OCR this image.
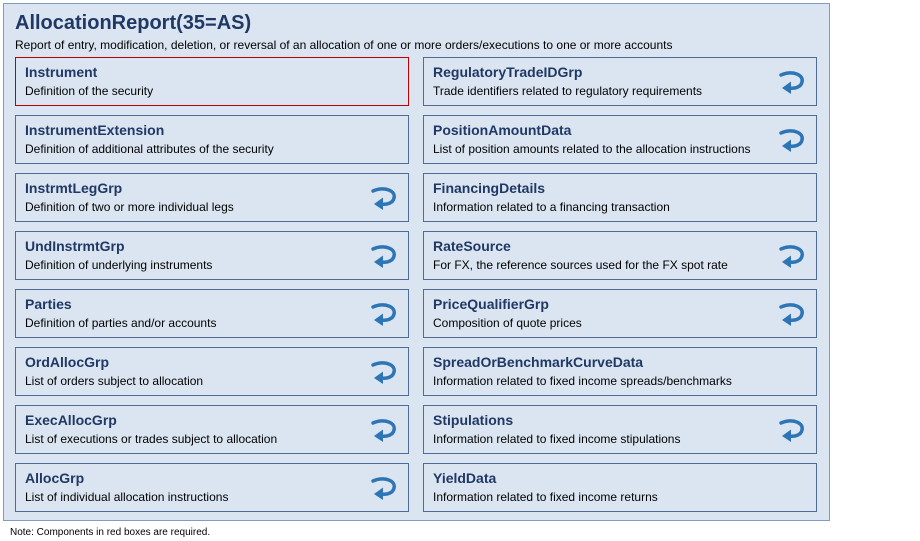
AllocationReport(35=AS)

Report of entry, modification, deletion, or reversal of an allocation of one or more orders/executions to one or more accounts

Instrument
Definition of the security
InstrumentExtension
Definition of additional attributes of the security
InstrmtLegGrp
Definition of two or more individual legs
UndInstrmtGrp
Definition of underlying instruments
Parties
Definition of parties and/or accounts
OrdAllocGrp
List of orders subject to allocation
ExecAllocGrp
List of executions or trades subject to allocation
AllocGrp
List of individual allocation instructions
RegulatoryTradeIDGrp
Trade identifiers related to regulatory requirements
PositionAmountData
List of position amounts related to the allocation instructions
FinancingDetails
Information related to a financing transaction
RateSource
For FX, the reference sources used for the FX spot rate
PriceQualifierGrp
Composition of quote prices
SpreadOrBenchmarkCurveData
Information related to fixed income spreads/benchmarks
Stipulations
Information related to fixed income stipulations
YieldData
Information related to fixed income returns
Note: Components in red boxes are required.
